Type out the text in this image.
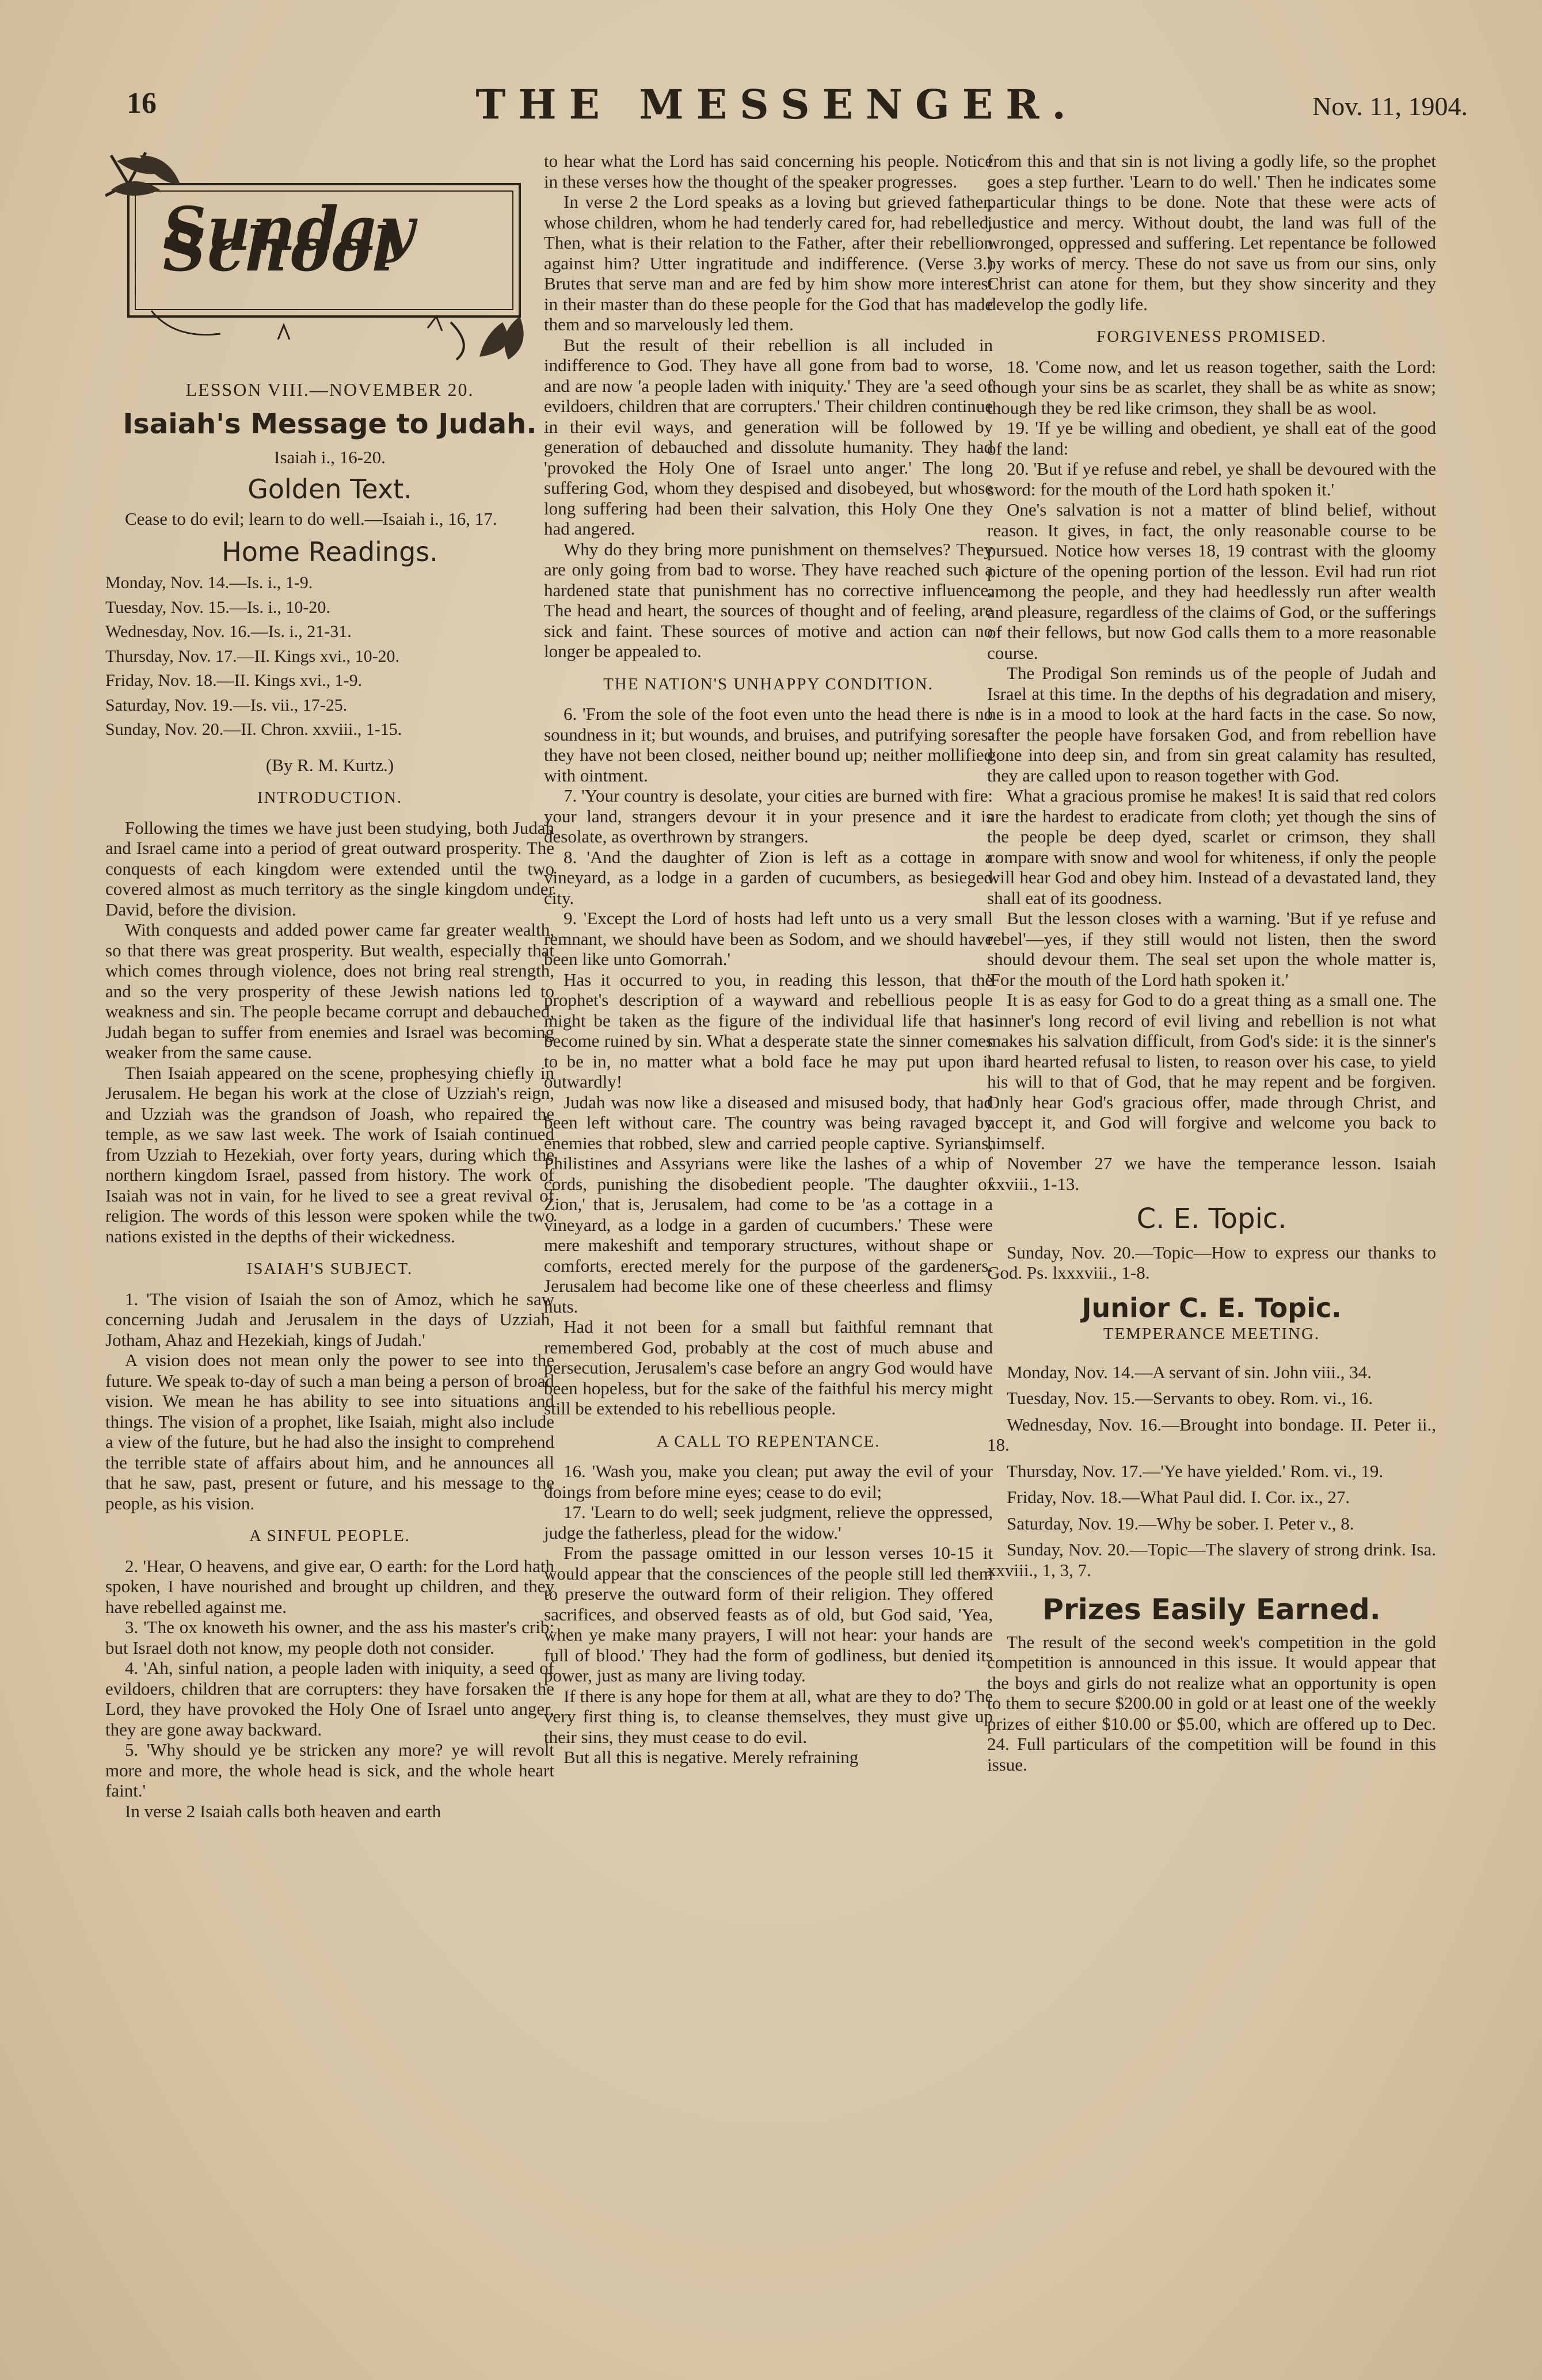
16	THE MESSENGER.	Nov. 11, 1904.
Sunday School
LESSON VIII.—NOVEMBER 20.
Isaiah's Message to Judah.
Isaiah i., 16-20.
Golden Text.

Cease to do evil; learn to do well.—Isaiah i., 16, 17.

Home Readings.
Monday, Nov. 14.—Is. i., 1-9.
Tuesday, Nov. 15.—Is. i., 10-20.
Wednesday, Nov. 16.—Is. i., 21-31.
Thursday, Nov. 17.—II. Kings xvi., 10-20.
Friday, Nov. 18.—II. Kings xvi., 1-9.
Saturday, Nov. 19.—Is. vii., 17-25.
Sunday, Nov. 20.—II. Chron. xxviii., 1-15.
(By R. M. Kurtz.)
INTRODUCTION.

Following the times we have just been studying, both Judah and Israel came into a period of great outward prosperity. The conquests of each kingdom were extended until the two covered almost as much territory as the single kingdom under David, before the division.

With conquests and added power came far greater wealth, so that there was great prosperity. But wealth, especially that which comes through violence, does not bring real strength, and so the very prosperity of these Jewish nations led to weakness and sin. The people became corrupt and debauched, Judah began to suffer from enemies and Israel was becoming weaker from the same cause.

Then Isaiah appeared on the scene, prophesying chiefly in Jerusalem. He began his work at the close of Uzziah's reign, and Uzziah was the grandson of Joash, who repaired the temple, as we saw last week. The work of Isaiah continued from Uzziah to Hezekiah, over forty years, during which the northern kingdom Israel, passed from history. The work of Isaiah was not in vain, for he lived to see a great revival of religion. The words of this lesson were spoken while the two nations existed in the depths of their wickedness.

ISAIAH'S SUBJECT.

1. 'The vision of Isaiah the son of Amoz, which he saw concerning Judah and Jerusalem in the days of Uzziah, Jotham, Ahaz and Hezekiah, kings of Judah.'

A vision does not mean only the power to see into the future. We speak to-day of such a man being a person of broad vision. We mean he has ability to see into situations and things. The vision of a prophet, like Isaiah, might also include a view of the future, but he had also the insight to comprehend the terrible state of affairs about him, and he announces all that he saw, past, present or future, and his message to the people, as his vision.

A SINFUL PEOPLE.

2. 'Hear, O heavens, and give ear, O earth: for the Lord hath spoken, I have nourished and brought up children, and they have rebelled against me.

3. 'The ox knoweth his owner, and the ass his master's crib: but Israel doth not know, my people doth not consider.

4. 'Ah, sinful nation, a people laden with iniquity, a seed of evildoers, children that are corrupters: they have forsaken the Lord, they have provoked the Holy One of Israel unto anger, they are gone away backward.

5. 'Why should ye be stricken any more? ye will revolt more and more, the whole head is sick, and the whole heart faint.'

In verse 2 Isaiah calls both heaven and earth

to hear what the Lord has said concerning his people. Notice in these verses how the thought of the speaker progresses.

In verse 2 the Lord speaks as a loving but grieved father, whose children, whom he had tenderly cared for, had rebelled. Then, what is their relation to the Father, after their rebellion against him? Utter ingratitude and indifference. (Verse 3.) Brutes that serve man and are fed by him show more interest in their master than do these people for the God that has made them and so marvelously led them.

But the result of their rebellion is all included in indifference to God. They have all gone from bad to worse, and are now 'a people laden with iniquity.' They are 'a seed of evildoers, children that are corrupters.' Their children continue in their evil ways, and generation will be followed by generation of debauched and dissolute humanity. They had 'provoked the Holy One of Israel unto anger.' The long suffering God, whom they despised and disobeyed, but whose long suffering had been their salvation, this Holy One they had angered.

Why do they bring more punishment on themselves? They are only going from bad to worse. They have reached such a hardened state that punishment has no corrective influence. The head and heart, the sources of thought and of feeling, are sick and faint. These sources of motive and action can no longer be appealed to.

THE NATION'S UNHAPPY CONDITION.

6. 'From the sole of the foot even unto the head there is no soundness in it; but wounds, and bruises, and putrifying sores: they have not been closed, neither bound up; neither mollified with ointment.

7. 'Your country is desolate, your cities are burned with fire: your land, strangers devour it in your presence and it is desolate, as overthrown by strangers.

8. 'And the daughter of Zion is left as a cottage in a vineyard, as a lodge in a garden of cucumbers, as besieged city.

9. 'Except the Lord of hosts had left unto us a very small remnant, we should have been as Sodom, and we should have been like unto Gomorrah.'

Has it occurred to you, in reading this lesson, that the prophet's description of a wayward and rebellious people might be taken as the figure of the individual life that has become ruined by sin. What a desperate state the sinner comes to be in, no matter what a bold face he may put upon it outwardly!

Judah was now like a diseased and misused body, that had been left without care. The country was being ravaged by enemies that robbed, slew and carried people captive. Syrians, Philistines and Assyrians were like the lashes of a whip of cords, punishing the disobedient people. 'The daughter of Zion,' that is, Jerusalem, had come to be 'as a cottage in a vineyard, as a lodge in a garden of cucumbers.' These were mere makeshift and temporary structures, without shape or comforts, erected merely for the purpose of the gardeners. Jerusalem had become like one of these cheerless and flimsy huts.

Had it not been for a small but faithful remnant that remembered God, probably at the cost of much abuse and persecution, Jerusalem's case before an angry God would have been hopeless, but for the sake of the faithful his mercy might still be extended to his rebellious people.

A CALL TO REPENTANCE.

16. 'Wash you, make you clean; put away the evil of your doings from before mine eyes; cease to do evil;

17. 'Learn to do well; seek judgment, relieve the oppressed, judge the fatherless, plead for the widow.'

From the passage omitted in our lesson verses 10-15 it would appear that the consciences of the people still led them to preserve the outward form of their religion. They offered sacrifices, and observed feasts as of old, but God said, 'Yea, when ye make many prayers, I will not hear: your hands are full of blood.' They had the form of godliness, but denied its power, just as many are living today.

If there is any hope for them at all, what are they to do? The very first thing is, to cleanse themselves, they must give up their sins, they must cease to do evil.

But all this is negative. Merely refraining

from this and that sin is not living a godly life, so the prophet goes a step further. 'Learn to do well.' Then he indicates some particular things to be done. Note that these were acts of justice and mercy. Without doubt, the land was full of the wronged, oppressed and suffering. Let repentance be followed by works of mercy. These do not save us from our sins, only Christ can atone for them, but they show sincerity and they develop the godly life.

FORGIVENESS PROMISED.

18. 'Come now, and let us reason together, saith the Lord: though your sins be as scarlet, they shall be as white as snow; though they be red like crimson, they shall be as wool.

19. 'If ye be willing and obedient, ye shall eat of the good of the land:

20. 'But if ye refuse and rebel, ye shall be devoured with the sword: for the mouth of the Lord hath spoken it.'

One's salvation is not a matter of blind belief, without reason. It gives, in fact, the only reasonable course to be pursued. Notice how verses 18, 19 contrast with the gloomy picture of the opening portion of the lesson. Evil had run riot among the people, and they had heedlessly run after wealth and pleasure, regardless of the claims of God, or the sufferings of their fellows, but now God calls them to a more reasonable course.

The Prodigal Son reminds us of the people of Judah and Israel at this time. In the depths of his degradation and misery, he is in a mood to look at the hard facts in the case. So now, after the people have forsaken God, and from rebellion have gone into deep sin, and from sin great calamity has resulted, they are called upon to reason together with God.

What a gracious promise he makes! It is said that red colors are the hardest to eradicate from cloth; yet though the sins of the people be deep dyed, scarlet or crimson, they shall compare with snow and wool for whiteness, if only the people will hear God and obey him. Instead of a devastated land, they shall eat of its goodness.

But the lesson closes with a warning. 'But if ye refuse and rebel'—yes, if they still would not listen, then the sword should devour them. The seal set upon the whole matter is, 'For the mouth of the Lord hath spoken it.'

It is as easy for God to do a great thing as a small one. The sinner's long record of evil living and rebellion is not what makes his salvation difficult, from God's side: it is the sinner's hard hearted refusal to listen, to reason over his case, to yield his will to that of God, that he may repent and be forgiven. Only hear God's gracious offer, made through Christ, and accept it, and God will forgive and welcome you back to himself.

November 27 we have the temperance lesson. Isaiah xxviii., 1-13.

C. E. Topic.

Sunday, Nov. 20.—Topic—How to express our thanks to God. Ps. lxxxviii., 1-8.

Junior C. E. Topic.
TEMPERANCE MEETING.

Monday, Nov. 14.—A servant of sin. John viii., 34.

Tuesday, Nov. 15.—Servants to obey. Rom. vi., 16.

Wednesday, Nov. 16.—Brought into bondage. II. Peter ii., 18.

Thursday, Nov. 17.—'Ye have yielded.' Rom. vi., 19.

Friday, Nov. 18.—What Paul did. I. Cor. ix., 27.

Saturday, Nov. 19.—Why be sober. I. Peter v., 8.

Sunday, Nov. 20.—Topic—The slavery of strong drink. Isa. xxviii., 1, 3, 7.

Prizes Easily Earned.

The result of the second week's competition in the gold competition is announced in this issue. It would appear that the boys and girls do not realize what an opportunity is open to them to secure $200.00 in gold or at least one of the weekly prizes of either $10.00 or $5.00, which are offered up to Dec. 24. Full particulars of the competition will be found in this issue.
